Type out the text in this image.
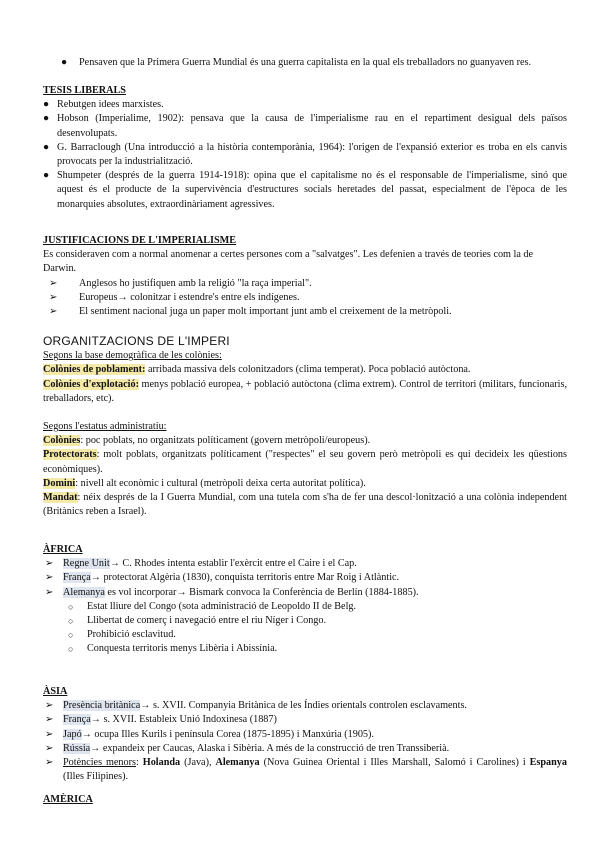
● Pensaven que la Primera Guerra Mundial és una guerra capitalista en la qual els treballadors no guanyaven res.

TESIS LIBERALS

● Rebutgen idees marxistes.
● Hobson (Imperialime, 1902): pensava que la causa de l'imperialisme rau en el repartiment desigual dels països desenvolupats.
● G. Barraclough (Una introducció a la història contemporània, 1964): l'origen de l'expansió exterior es troba en els canvis provocats per la industrialització.
● Shumpeter (després de la guerra 1914-1918): opina que el capitalisme no és el responsable de l'imperialisme, sinó que aquest és el producte de la supervivència d'estructures socials heretades del passat, especialment de l'època de les monarquies absolutes, extraordinàriament agressives.

JUSTIFICACIONS DE L'IMPERIALISME

Es consideraven com a normal anomenar a certes persones com a "salvatges". Les defenien a través de teories com la de Darwin.

➢ Anglesos ho justifiquen amb la religió "la raça imperial".
➢ Europeus→ colonitzar i estendre's entre els indígenes.
➢ El sentiment nacional juga un paper molt important junt amb el creixement de la metròpoli.

ORGANITZACIONS DE L'IMPERI

Segons la base demogràfica de les colònies:

Colònies de poblament: arribada massiva dels colonitzadors (clima temperat). Poca població autòctona.

Colònies d'explotació: menys població europea, + població autòctona (clima extrem). Control de territori (militars, funcionaris, treballadors, etc).

Segons l'estatus administratiu:

Colònies: poc poblats, no organitzats políticament (govern metròpoli/europeus).

Protectorats: molt poblats, organitzats políticament ("respectes" el seu govern però metròpoli es qui decideix les qüestions econòmiques).

Domini: nivell alt econòmic i cultural (metròpoli deixa certa autoritat política).

Mandat: néix després de la I Guerra Mundial, com una tutela com s'ha de fer una descol·lonització a una colònia independent (Britànics reben a Israel).

ÀFRICA

➢ Regne Unit→ C. Rhodes intenta establir l'exèrcit entre el Caire i el Cap.
➢ França→ protectorat Algèria (1830), conquista territoris entre Mar Roig i Atlàntic.
➢ Alemanya es vol incorporar→ Bismark convoca la Conferència de Berlín (1884-1885).
○ Estat lliure del Congo (sota administració de Leopoldo II de Belg.
○ Llibertat de comerç i navegació entre el riu Níger i Congo.
○ Prohibició esclavitud.
○ Conquesta territoris menys Libèria i Abissínia.

ÀSIA

➢ Presència britànica→ s. XVII. Companyia Britànica de les Índies orientals controlen esclavaments.
➢ França→ s. XVII. Estableix Unió Indoxinesa (1887)
➢ Japó→ ocupa Illes Kurils i península Corea (1875-1895) i Manxúria (1905).
➢ Rússia→ expandeix per Caucas, Alaska i Sibèria. A més de la construcció de tren Transsiberià.
➢ Potències menors: Holanda (Java), Alemanya (Nova Guinea Oriental i Illes Marshall, Salomó i Carolines) i Espanya (Illes Filipines).

AMÈRICA
